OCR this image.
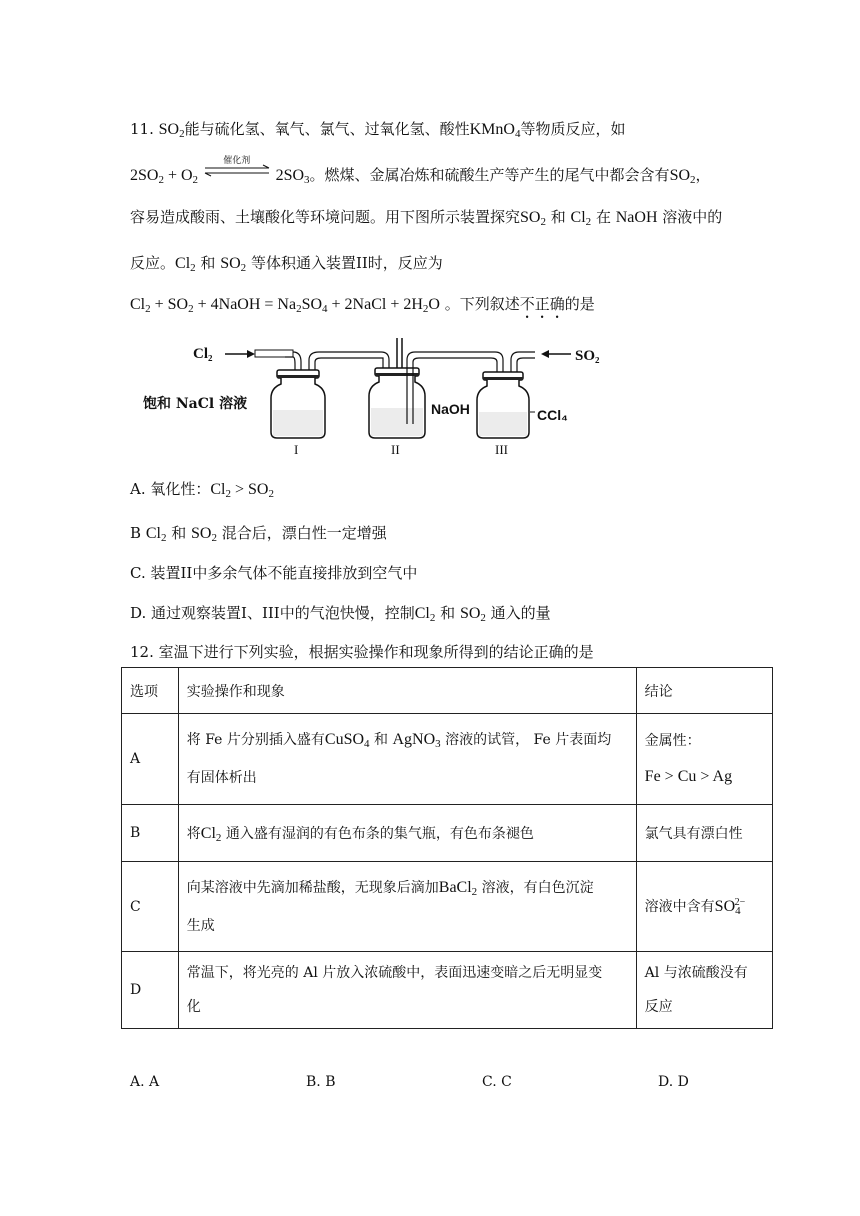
11. $SO_2$能与硫化氢、氧气、氯气、过氧化氢、酸性KMnO$_4$等物质反应，如
$2SO_2 + O_2$
催化剂
$2SO_3$。燃煤、金属冶炼和硫酸生产等产生的尾气中都会含有$SO_2$，
容易造成酸雨、土壤酸化等环境问题。用下图所示装置探究$SO_2$ 和 $Cl_2$ 在 NaOH 溶液中的
反应。$Cl_2$ 和 $SO_2$ 等体积通入装置II时，反应为
$Cl_2 + SO_2$ + 4NaOH = $Na_2SO_4$ + 2NaCl + $2H_2O$ 。下列叙述不正确的是
Cl₂
I
饱和 NaCl 溶液	NaOH
II
CCl₄
III
SO₂
A. 氧化性：$Cl_2 > SO_2$
B $Cl_2$ 和 $SO_2$ 混合后，漂白性一定增强
C. 装置II中多余气体不能直接排放到空气中
D. 通过观察装置I、III中的气泡快慢，控制$Cl_2$ 和 $SO_2$ 通入的量
12. 室温下进行下列实验，根据实验操作和现象所得到的结论正确的是
选项	实验操作和现象	结论
A	将 Fe 片分别插入盛有CuSO$_4$ 和 AgNO$_3$ 溶液的试管， Fe 片表面均
有固体析出	金属性：
Fe > Cu > Ag
B	将$Cl_2$ 通入盛有湿润的有色布条的集气瓶，有色布条褪色	氯气具有漂白性
C	向某溶液中先滴加稀盐酸，无现象后滴加BaCl$_2$ 溶液，有白色沉淀
生成	溶液中含有$SO_4^{2-}$
D	常温下，将光亮的 Al 片放入浓硫酸中，表面迅速变暗之后无明显变
化	Al 与浓硫酸没有
反应
A. A	B. B	C. C	D. D
